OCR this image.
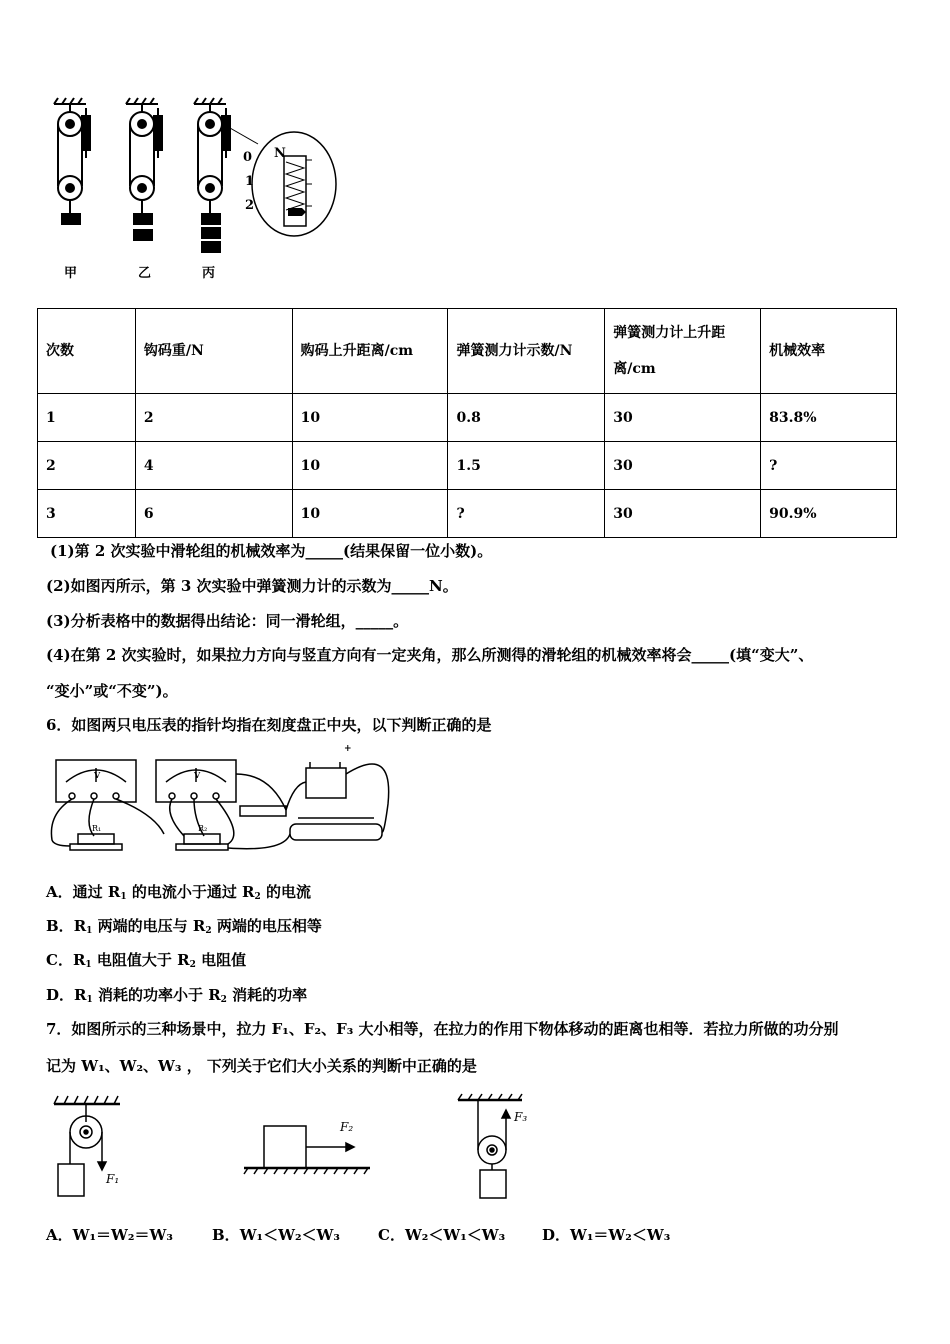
0
1
2
N
甲	乙	丙
次数	钩码重/N	购码上升距离/cm	弹簧测力计示数/N	弹簧测力计上升距离/cm	机械效率
1	2	10	0.8	30	83.8%
2	4	10	1.5	30	?
3	6	10	?	30	90.9%
(1)第 2 次实验中滑轮组的机械效率为_____(结果保留一位小数)。
(2)如图丙所示，第 3 次实验中弹簧测力计的示数为_____N。
(3)分析表格中的数据得出结论：同一滑轮组，_____。
(4)在第 2 次实验时，如果拉力方向与竖直方向有一定夹角，那么所测得的滑轮组的机械效率将会_____(填“变大”、
“变小”或“不变”)。
6．如图两只电压表的指针均指在刻度盘正中央，以下判断正确的是
V	V
+
R₁	R₂
A．通过 $R_1$ 的电流小于通过 $R_2$ 的电流
B．$R_1$ 两端的电压与 $R_2$ 两端的电压相等
C．$R_1$ 电阻值大于 $R_2$ 电阻值
D．$R_1$ 消耗的功率小于 $R_2$ 消耗的功率
7．如图所示的三种场景中，拉力 F₁、F₂、F₃ 大小相等，在拉力的作用下物体移动的距离也相等．若拉力所做的功分别
记为 W₁、W₂、W₃ ， 下列关于它们大小关系的判断中正确的是
F₁
F₂
F₃
A．W₁＝W₂＝W₃	B．W₁＜W₂＜W₃	C．W₂＜W₁＜W₃ D．W₁＝W₂＜W₃
